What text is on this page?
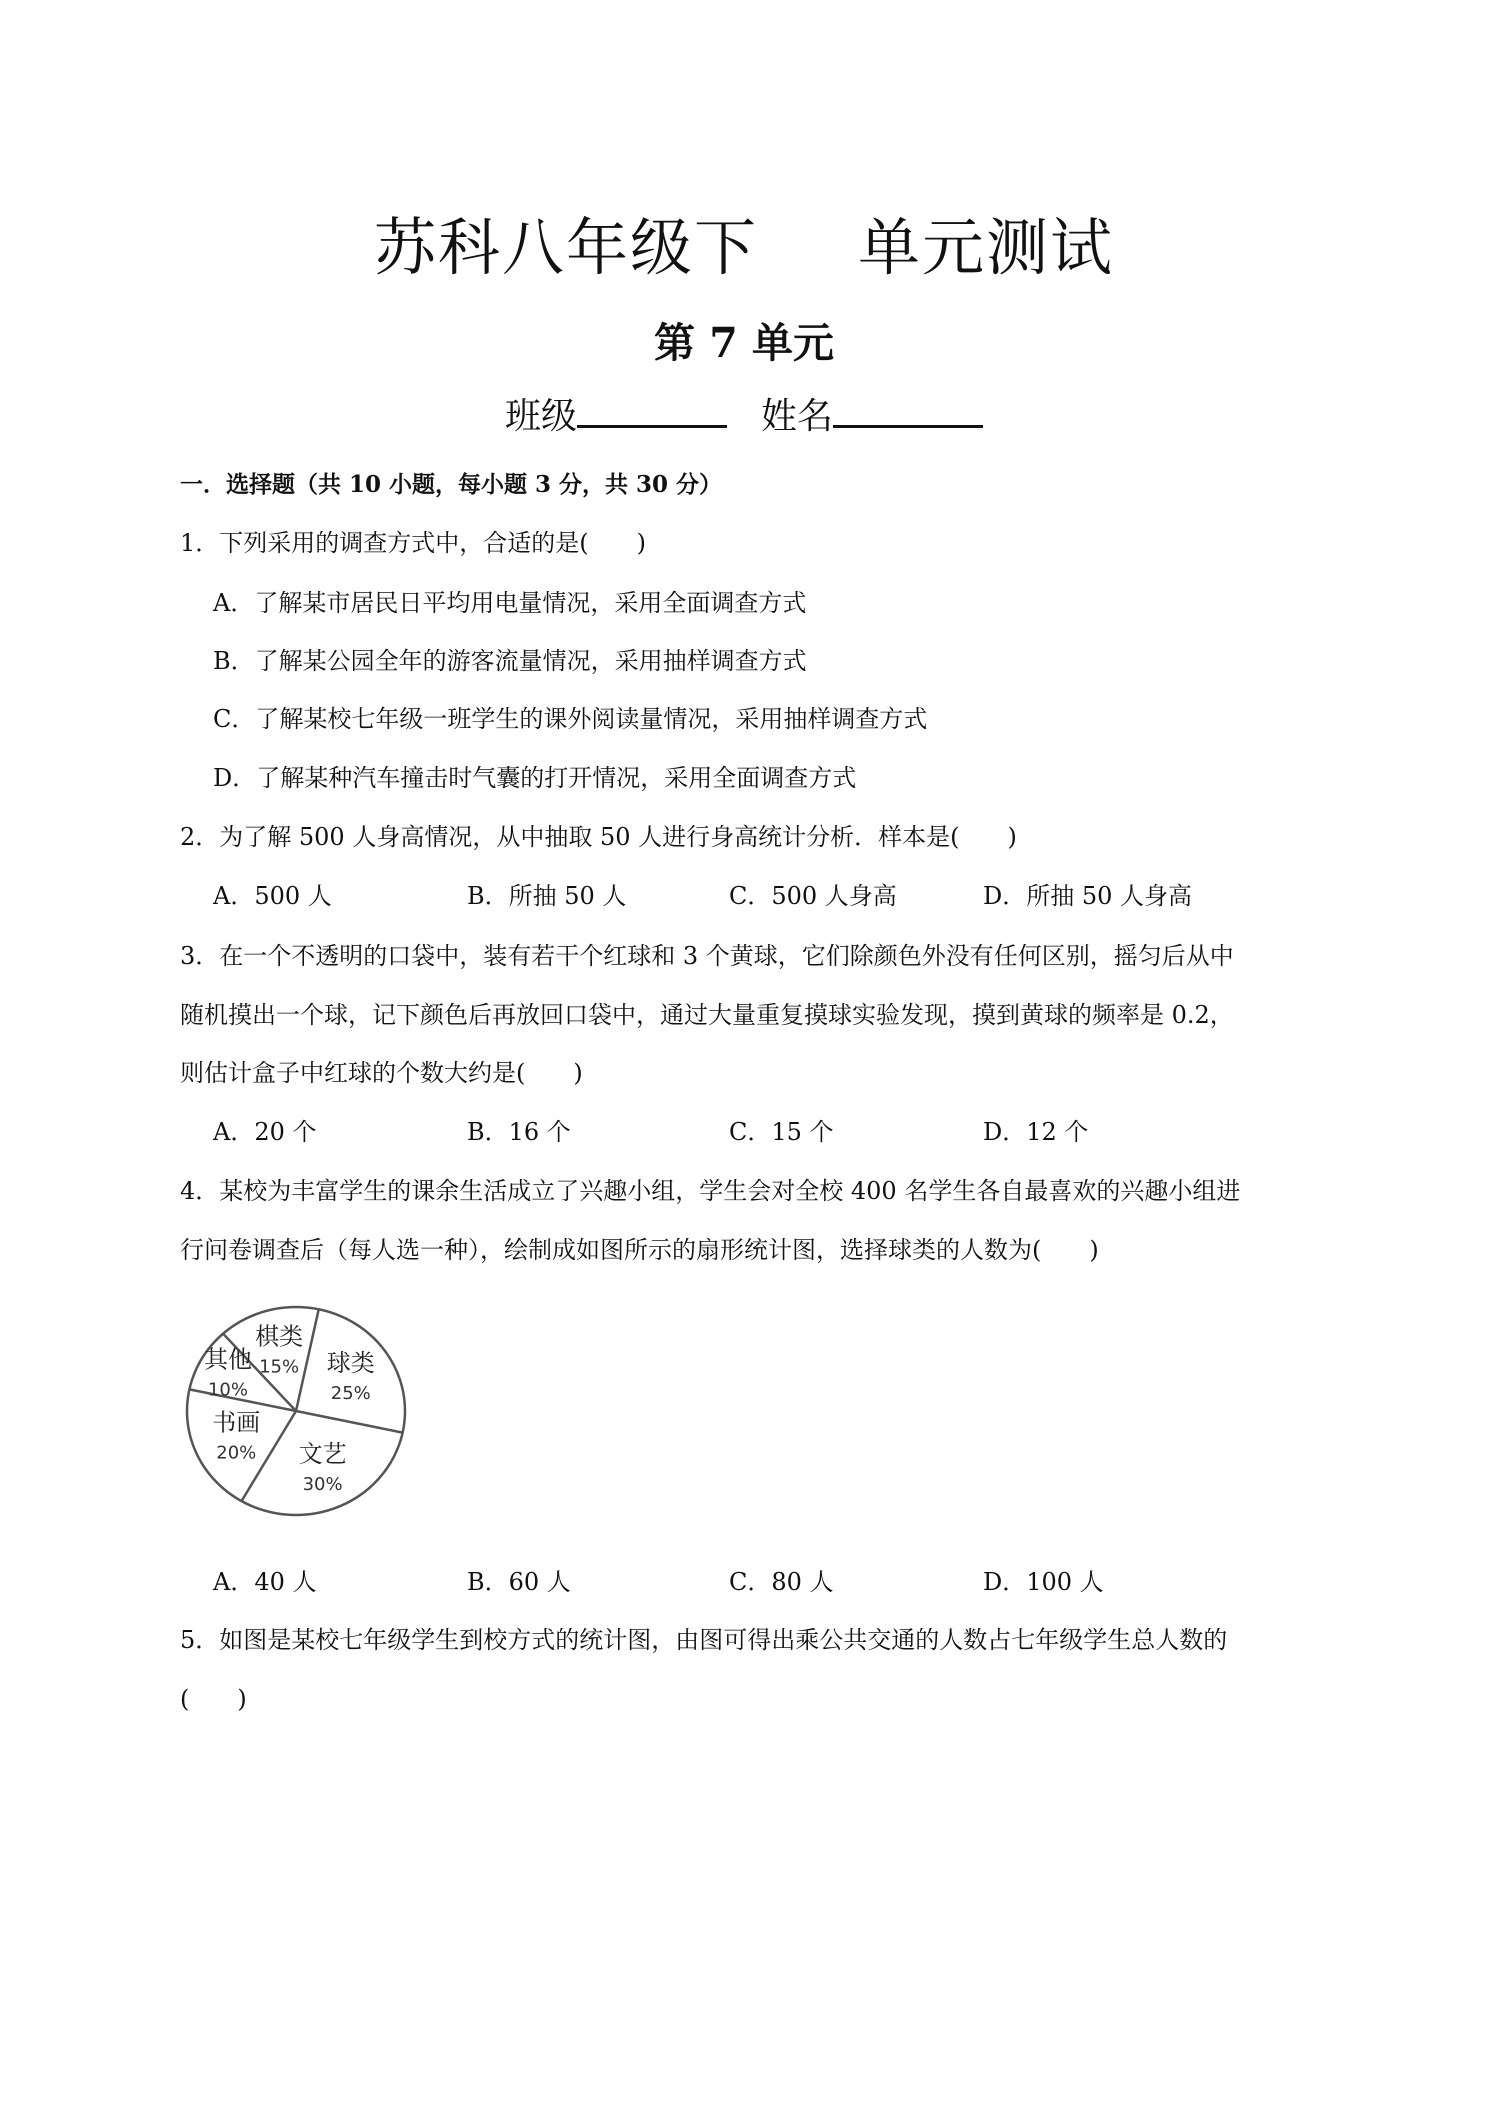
苏科八年级下 单元测试
第 7 单元
班级	姓名
一．选择题（共 10 小题，每小题 3 分，共 30 分）
1．下列采用的调查方式中，合适的是(　　)
A．了解某市居民日平均用电量情况，采用全面调查方式
B．了解某公园全年的游客流量情况，采用抽样调查方式
C．了解某校七年级一班学生的课外阅读量情况，采用抽样调查方式
D．了解某种汽车撞击时气囊的打开情况，采用全面调查方式
2．为了解 500 人身高情况，从中抽取 50 人进行身高统计分析．样本是(　　)
A．500 人	B．所抽 50 人	C．500 人身高	D．所抽 50 人身高
3．在一个不透明的口袋中，装有若干个红球和 3 个黄球，它们除颜色外没有任何区别，摇匀后从中
随机摸出一个球，记下颜色后再放回口袋中，通过大量重复摸球实验发现，摸到黄球的频率是 0.2，
则估计盒子中红球的个数大约是(　　)
A．20 个	B．16 个	C．15 个	D．12 个
4．某校为丰富学生的课余生活成立了兴趣小组，学生会对全校 400 名学生各自最喜欢的兴趣小组进
行问卷调查后（每人选一种），绘制成如图所示的扇形统计图，选择球类的人数为(　　)
其他
10%
棋类
15% 球类
25%
文艺
30%
书画
20%
A．40 人	B．60 人	C．80 人	D．100 人
5．如图是某校七年级学生到校方式的统计图，由图可得出乘公共交通的人数占七年级学生总人数的
(　　)
